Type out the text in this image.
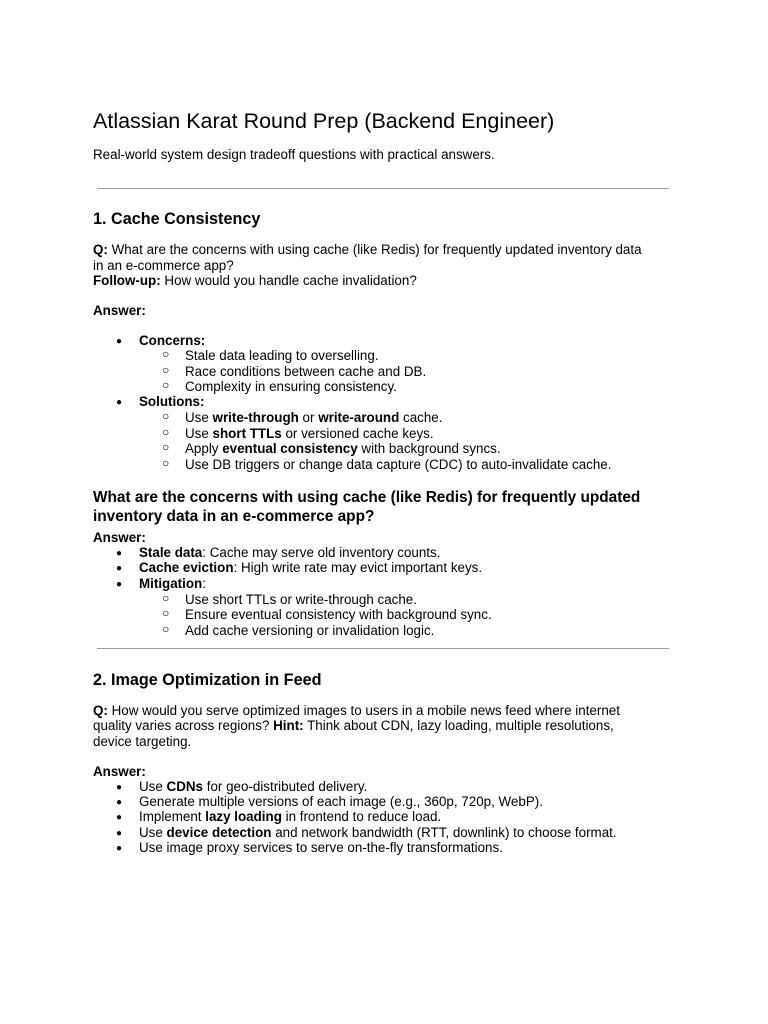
Atlassian Karat Round Prep (Backend Engineer)
Real-world system design tradeoff questions with practical answers.
1. Cache Consistency
Q: What are the concerns with using cache (like Redis) for frequently updated inventory data
in an e-commerce app?
Follow-up: How would you handle cache invalidation?
Answer:
● Concerns:
○ Stale data leading to overselling.
○ Race conditions between cache and DB.
○ Complexity in ensuring consistency.
● Solutions:
○ Use write-through or write-around cache.
○ Use short TTLs or versioned cache keys.
○ Apply eventual consistency with background syncs.
○ Use DB triggers or change data capture (CDC) to auto-invalidate cache.
What are the concerns with using cache (like Redis) for frequently updated inventory data in an e-commerce app?
Answer:
● Stale data: Cache may serve old inventory counts.
● Cache eviction: High write rate may evict important keys.
● Mitigation:
○ Use short TTLs or write-through cache.
○ Ensure eventual consistency with background sync.
○ Add cache versioning or invalidation logic.
2. Image Optimization in Feed
Q: How would you serve optimized images to users in a mobile news feed where internet
quality varies across regions? Hint: Think about CDN, lazy loading, multiple resolutions,
device targeting.
Answer:
● Use CDNs for geo-distributed delivery.
● Generate multiple versions of each image (e.g., 360p, 720p, WebP).
● Implement lazy loading in frontend to reduce load.
● Use device detection and network bandwidth (RTT, downlink) to choose format.
● Use image proxy services to serve on-the-fly transformations.
